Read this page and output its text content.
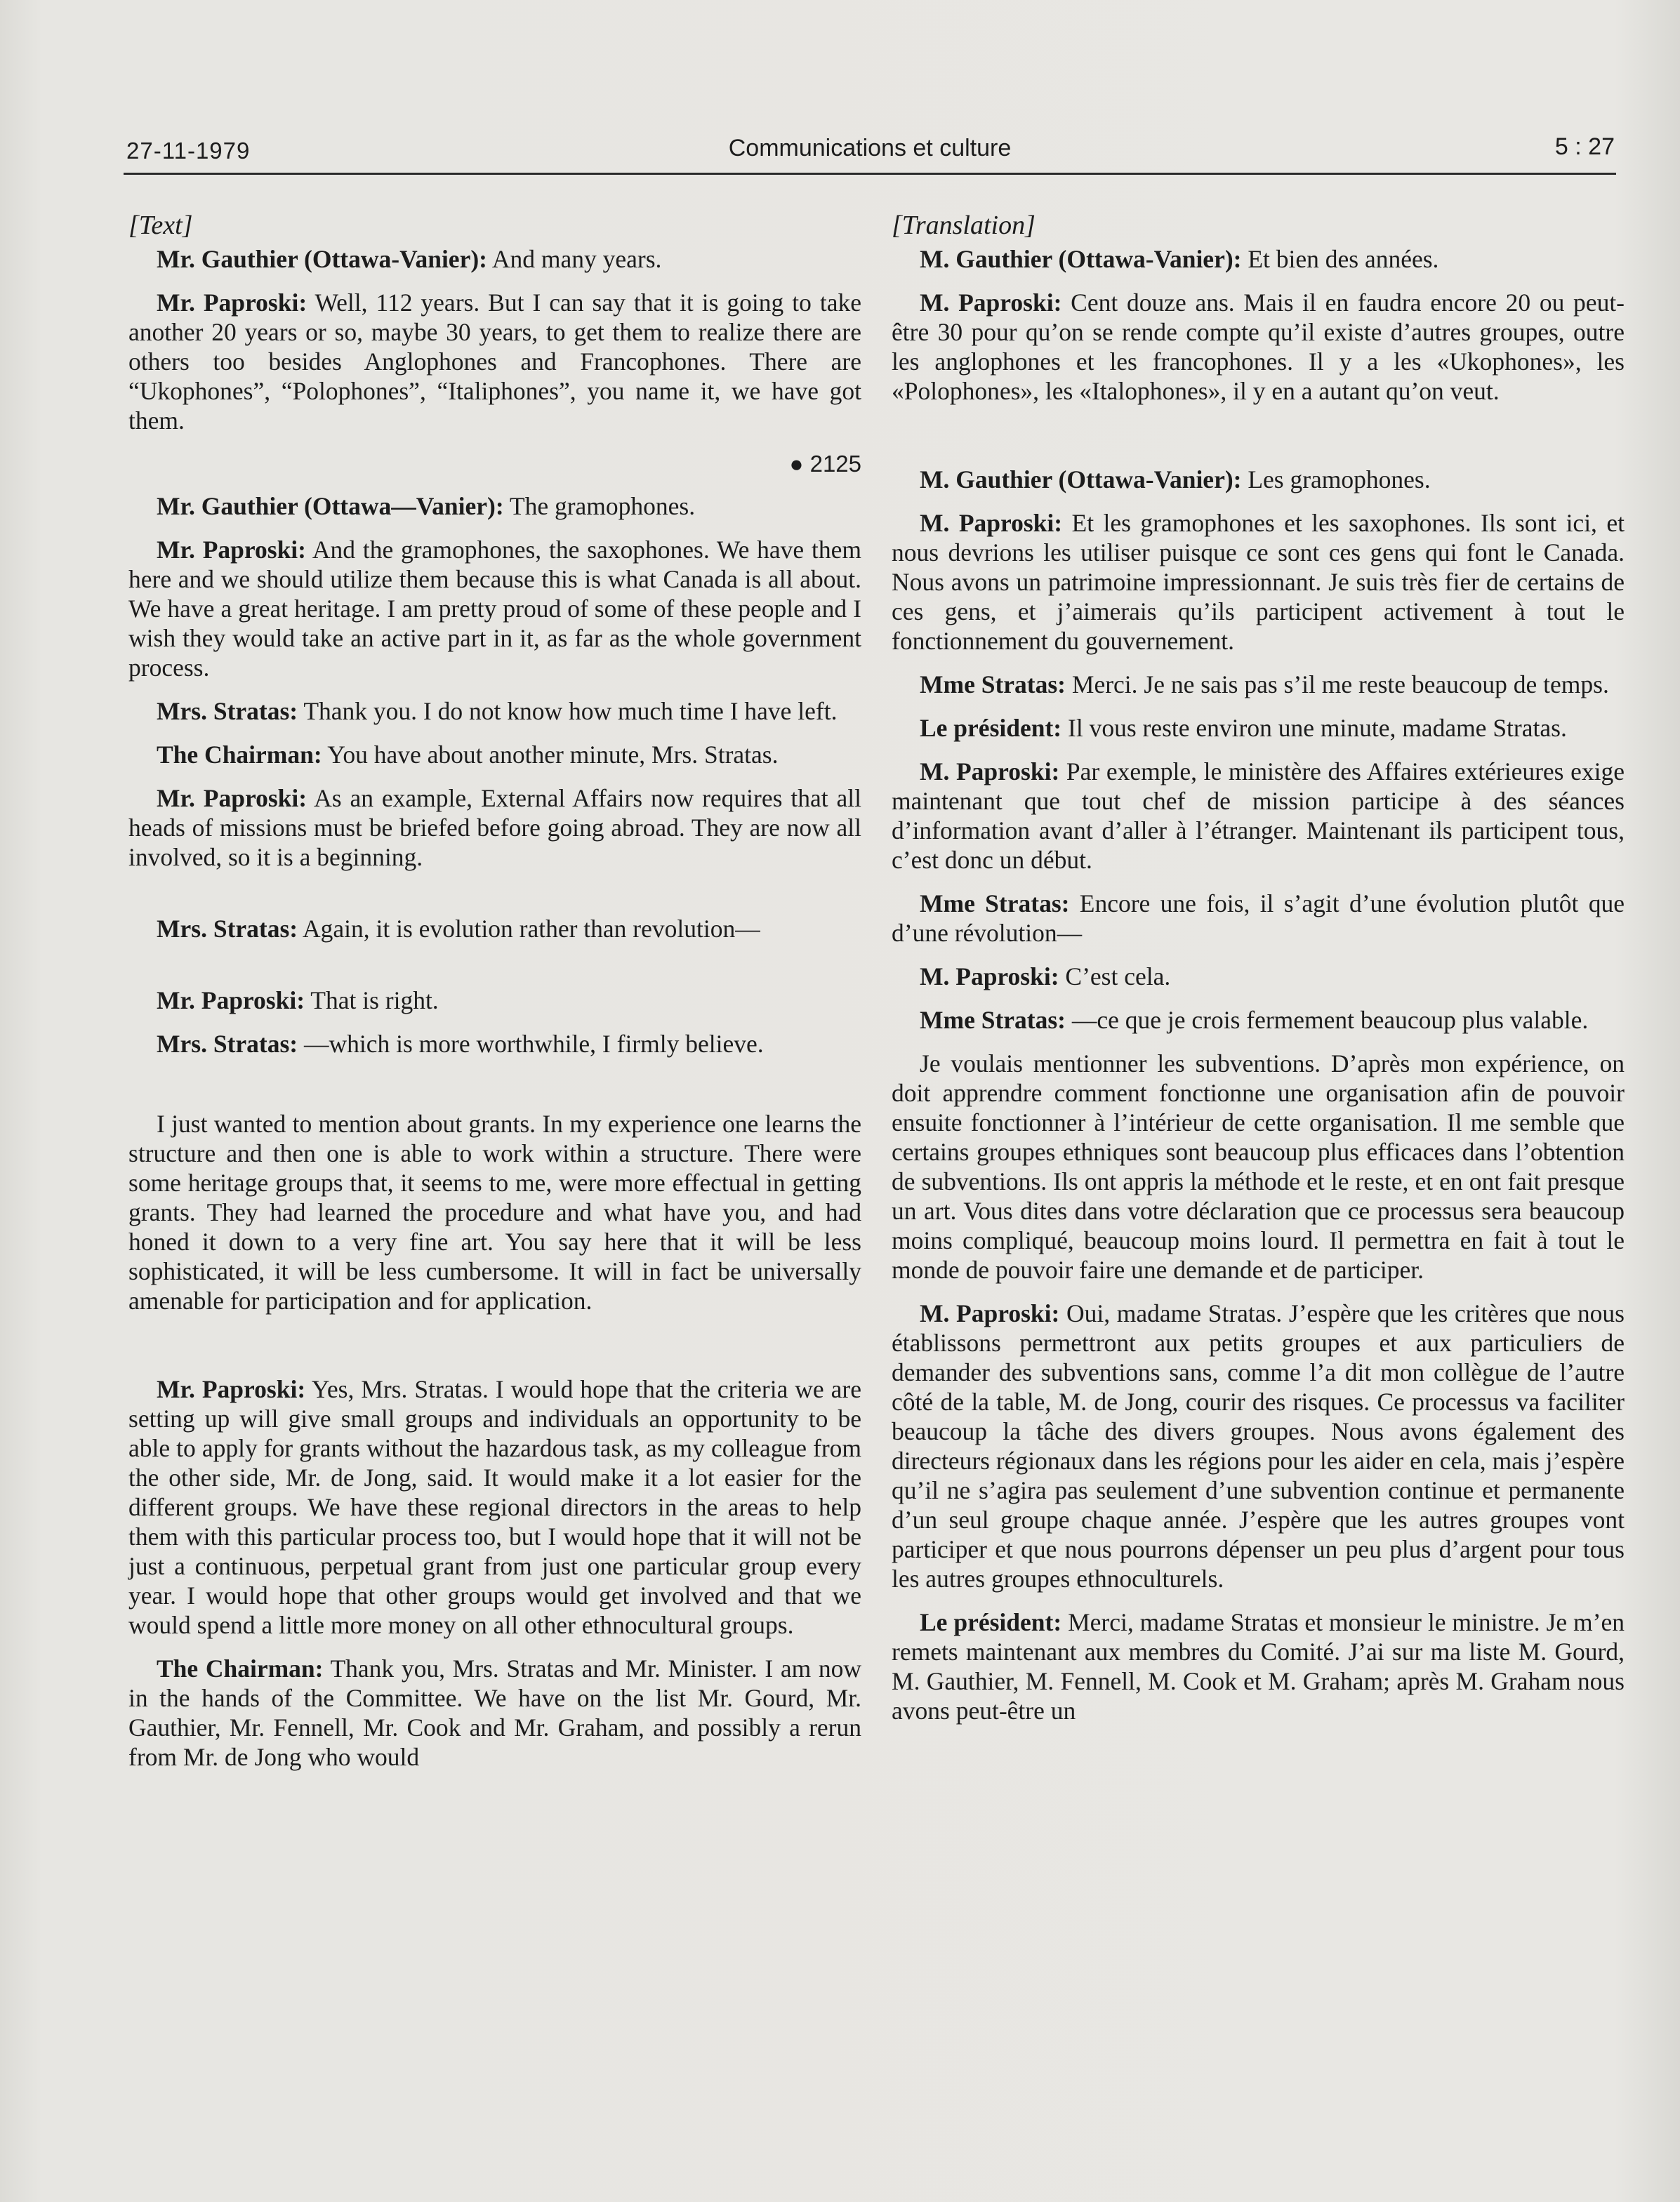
27-11-1979	Communications et culture	5 : 27
[Text]

Mr. Gauthier (Ottawa-Vanier): And many years.

Mr. Paproski: Well, 112 years. But I can say that it is going to take another 20 years or so, maybe 30 years, to get them to realize there are others too besides Anglophones and Francophones. There are “Ukophones”, “Polophones”, “Italiphones”, you name it, we have got them.

● 2125

Mr. Gauthier (Ottawa—Vanier): The gramophones.

Mr. Paproski: And the gramophones, the saxophones. We have them here and we should utilize them because this is what Canada is all about. We have a great heritage. I am pretty proud of some of these people and I wish they would take an active part in it, as far as the whole government process.

Mrs. Stratas: Thank you. I do not know how much time I have left.

The Chairman: You have about another minute, Mrs. Stratas.

Mr. Paproski: As an example, External Affairs now requires that all heads of missions must be briefed before going abroad. They are now all involved, so it is a beginning.

Mrs. Stratas: Again, it is evolution rather than revolution—

Mr. Paproski: That is right.

Mrs. Stratas: —which is more worthwhile, I firmly believe.

I just wanted to mention about grants. In my experience one learns the structure and then one is able to work within a structure. There were some heritage groups that, it seems to me, were more effectual in getting grants. They had learned the procedure and what have you, and had honed it down to a very fine art. You say here that it will be less sophisticated, it will be less cumbersome. It will in fact be universally amenable for participation and for application.

Mr. Paproski: Yes, Mrs. Stratas. I would hope that the criteria we are setting up will give small groups and individuals an opportunity to be able to apply for grants without the hazardous task, as my colleague from the other side, Mr. de Jong, said. It would make it a lot easier for the different groups. We have these regional directors in the areas to help them with this particular process too, but I would hope that it will not be just a continuous, perpetual grant from just one particular group every year. I would hope that other groups would get involved and that we would spend a little more money on all other ethnocultural groups.

The Chairman: Thank you, Mrs. Stratas and Mr. Minister. I am now in the hands of the Committee. We have on the list Mr. Gourd, Mr. Gauthier, Mr. Fennell, Mr. Cook and Mr. Graham, and possibly a rerun from Mr. de Jong who would

[Translation]

M. Gauthier (Ottawa-Vanier): Et bien des années.

M. Paproski: Cent douze ans. Mais il en faudra encore 20 ou peut-être 30 pour qu’on se rende compte qu’il existe d’autres groupes, outre les anglophones et les francophones. Il y a les «Ukophones», les «Polophones», les «Italophones», il y en a autant qu’on veut.

M. Gauthier (Ottawa-Vanier): Les gramophones.

M. Paproski: Et les gramophones et les saxophones. Ils sont ici, et nous devrions les utiliser puisque ce sont ces gens qui font le Canada. Nous avons un patrimoine impressionnant. Je suis très fier de certains de ces gens, et j’aimerais qu’ils participent activement à tout le fonctionnement du gouvernement.

Mme Stratas: Merci. Je ne sais pas s’il me reste beaucoup de temps.

Le président: Il vous reste environ une minute, madame Stratas.

M. Paproski: Par exemple, le ministère des Affaires extérieures exige maintenant que tout chef de mission participe à des séances d’information avant d’aller à l’étranger. Maintenant ils participent tous, c’est donc un début.

Mme Stratas: Encore une fois, il s’agit d’une évolution plutôt que d’une révolution—

M. Paproski: C’est cela.

Mme Stratas: —ce que je crois fermement beaucoup plus valable.

Je voulais mentionner les subventions. D’après mon expérience, on doit apprendre comment fonctionne une organisation afin de pouvoir ensuite fonctionner à l’intérieur de cette organisation. Il me semble que certains groupes ethniques sont beaucoup plus efficaces dans l’obtention de subventions. Ils ont appris la méthode et le reste, et en ont fait presque un art. Vous dites dans votre déclaration que ce processus sera beaucoup moins compliqué, beaucoup moins lourd. Il permettra en fait à tout le monde de pouvoir faire une demande et de participer.

M. Paproski: Oui, madame Stratas. J’espère que les critères que nous établissons permettront aux petits groupes et aux particuliers de demander des subventions sans, comme l’a dit mon collègue de l’autre côté de la table, M. de Jong, courir des risques. Ce processus va faciliter beaucoup la tâche des divers groupes. Nous avons également des directeurs régionaux dans les régions pour les aider en cela, mais j’espère qu’il ne s’agira pas seulement d’une subvention continue et permanente d’un seul groupe chaque année. J’espère que les autres groupes vont participer et que nous pourrons dépenser un peu plus d’argent pour tous les autres groupes ethnoculturels.

Le président: Merci, madame Stratas et monsieur le ministre. Je m’en remets maintenant aux membres du Comité. J’ai sur ma liste M. Gourd, M. Gauthier, M. Fennell, M. Cook et M. Graham; après M. Graham nous avons peut-être un
